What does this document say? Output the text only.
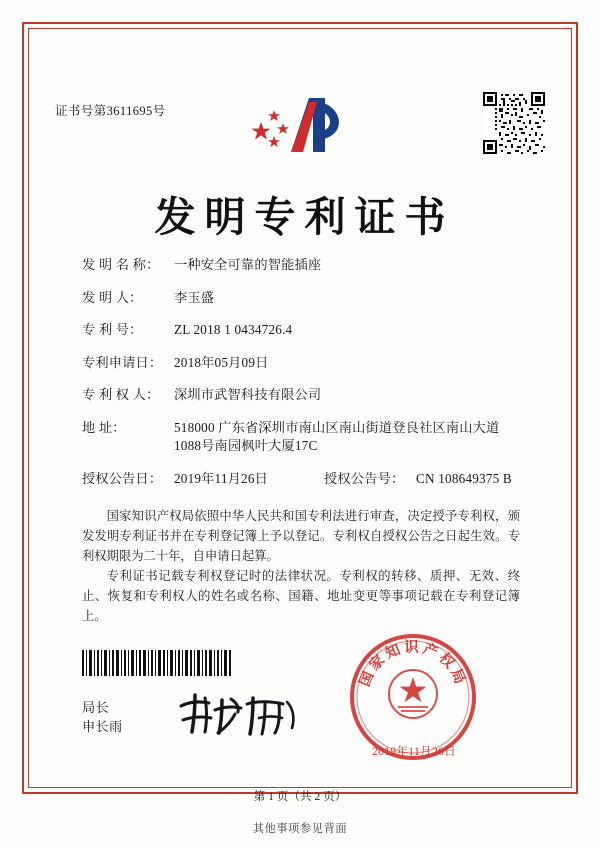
证书号第3611695号
发明专利证书
发 明 名 称： 一种安全可靠的智能插座
发 明 人： 李玉盛
专 利 号： ZL 2018 1 0434726.4
专利申请日： 2018年05月09日
专 利 权 人： 深圳市武智科技有限公司
地 址：	518000 广东省深圳市南山区南山街道登良社区南山大道1088号南园枫叶大厦17C
授权公告日： 2019年11月26日	授权公告号： CN 108649375 B
国家知识产权局依照中华人民共和国专利法进行审查，决定授予专利权，颁发发明专利证书并在专利登记簿上予以登记。专利权自授权公告之日起生效。专利权期限为二十年，自申请日起算。
专利证书记载专利权登记时的法律状况。专利权的转移、质押、无效、终止、恢复和专利权人的姓名或名称、国籍、地址变更等事项记载在专利登记簿上。
局长
申长雨
国家知识产权局
2019年11月26日
第 1 页（共 2 页）
其他事项参见背面
